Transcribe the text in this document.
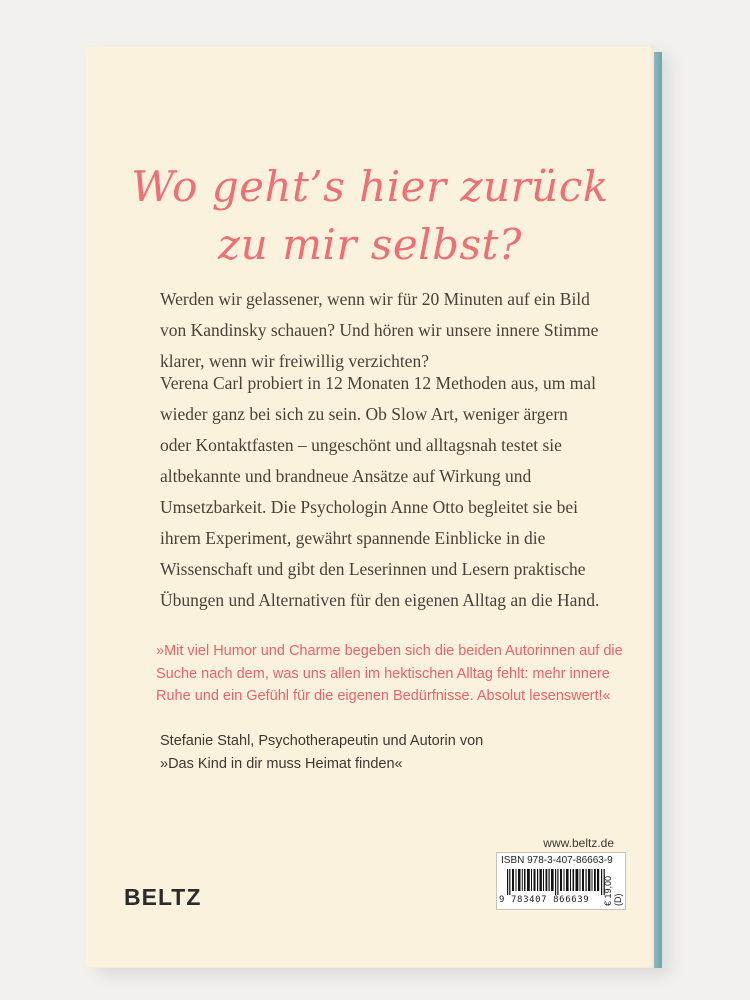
Wo geht’s hier zurück
zu mir selbst?
Werden wir gelassener, wenn wir für 20 Minuten auf ein Bild von Kandinsky schauen? Und hören wir unsere innere Stimme klarer, wenn wir freiwillig verzichten?
Verena Carl probiert in 12 Monaten 12 Methoden aus, um mal wieder ganz bei sich zu sein. Ob Slow Art, weniger ärgern oder Kontaktfasten – ungeschönt und alltagsnah testet sie altbekannte und brandneue Ansätze auf Wirkung und Umsetzbarkeit. Die Psychologin Anne Otto begleitet sie bei ihrem Experiment, gewährt spannende Einblicke in die Wissenschaft und gibt den Leserinnen und Lesern praktische Übungen und Alternativen für den eigenen Alltag an die Hand.
»Mit viel Humor und Charme begeben sich die beiden Autorinnen auf die Suche nach dem, was uns allen im hektischen Alltag fehlt: mehr innere Ruhe und ein Gefühl für die eigenen Bedürfnisse. Absolut lesenswert!«
Stefanie Stahl, Psychotherapeutin und Autorin von
»Das Kind in dir muss Heimat finden«
www.beltz.de
BELTZ
ISBN 978-3-407-86663-9
9 783407 866639	€ 19,00 (D)
